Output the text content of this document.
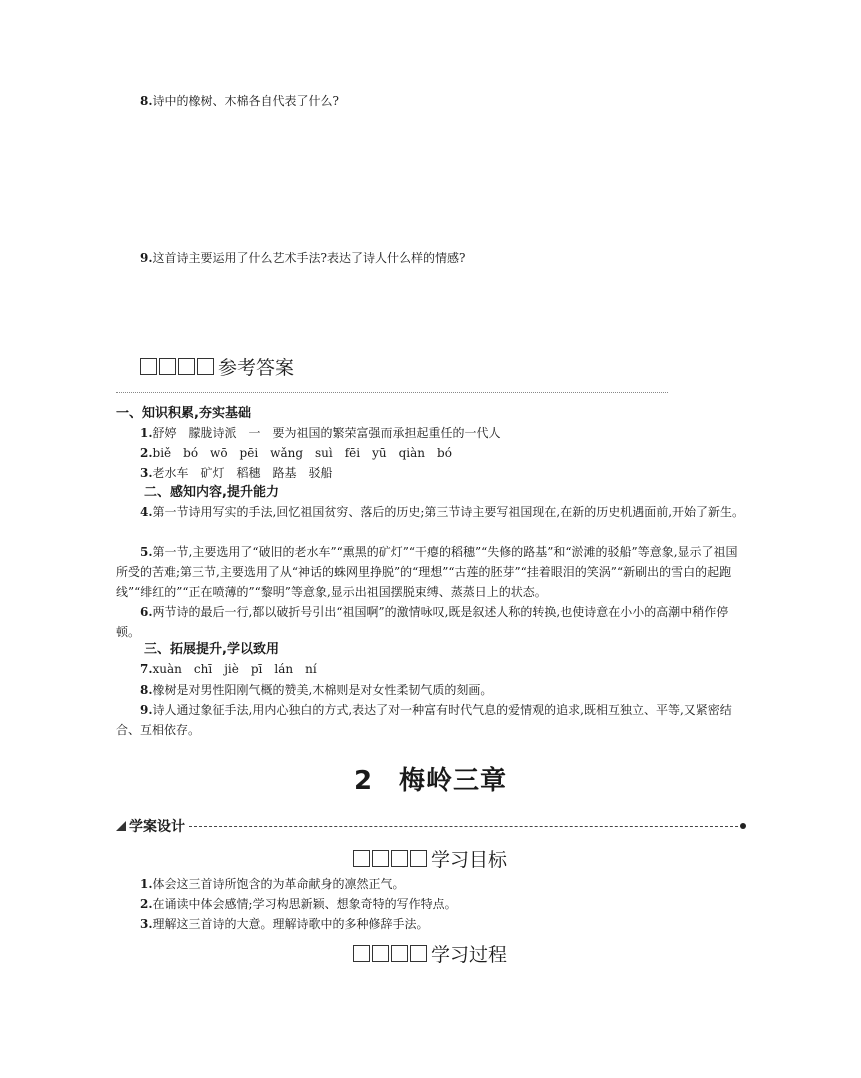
8.诗中的橡树、木棉各自代表了什么?
9.这首诗主要运用了什么艺术手法?表达了诗人什么样的情感?
参考答案
一、知识积累,夯实基础
1.舒婷　朦胧诗派　一　要为祖国的繁荣富强而承担起重任的一代人
2.biě　bó　wō　pēi　wǎng　suì　fēi　yū　qiàn　bó
3.老水车　矿灯　稻穗　路基　驳船
二、感知内容,提升能力
4.第一节诗用写实的手法,回忆祖国贫穷、落后的历史;第三节诗主要写祖国现在,在新的历史机遇面前,开始了新生。
5.第一节,主要选用了“破旧的老水车”“熏黑的矿灯”“干瘪的稻穗”“失修的路基”和“淤滩的驳船”等意象,显示了祖国所受的苦难;第三节,主要选用了从“神话的蛛网里挣脱”的“理想”“古莲的胚芽”“挂着眼泪的笑涡”“新刷出的雪白的起跑线”“绯红的”“正在喷薄的”“黎明”等意象,显示出祖国摆脱束缚、蒸蒸日上的状态。
6.两节诗的最后一行,都以破折号引出“祖国啊”的激情咏叹,既是叙述人称的转换,也使诗意在小小的高潮中稍作停顿。
三、拓展提升,学以致用
7.xuàn　chī　jiè　pī　lán　ní
8.橡树是对男性阳刚气概的赞美,木棉则是对女性柔韧气质的刻画。
9.诗人通过象征手法,用内心独白的方式,表达了对一种富有时代气息的爱情观的追求,既相互独立、平等,又紧密结合、互相依存。
2 梅岭三章
学案设计
学习目标
1.体会这三首诗所饱含的为革命献身的凛然正气。
2.在诵读中体会感情;学习构思新颖、想象奇特的写作特点。
3.理解这三首诗的大意。理解诗歌中的多种修辞手法。
学习过程
